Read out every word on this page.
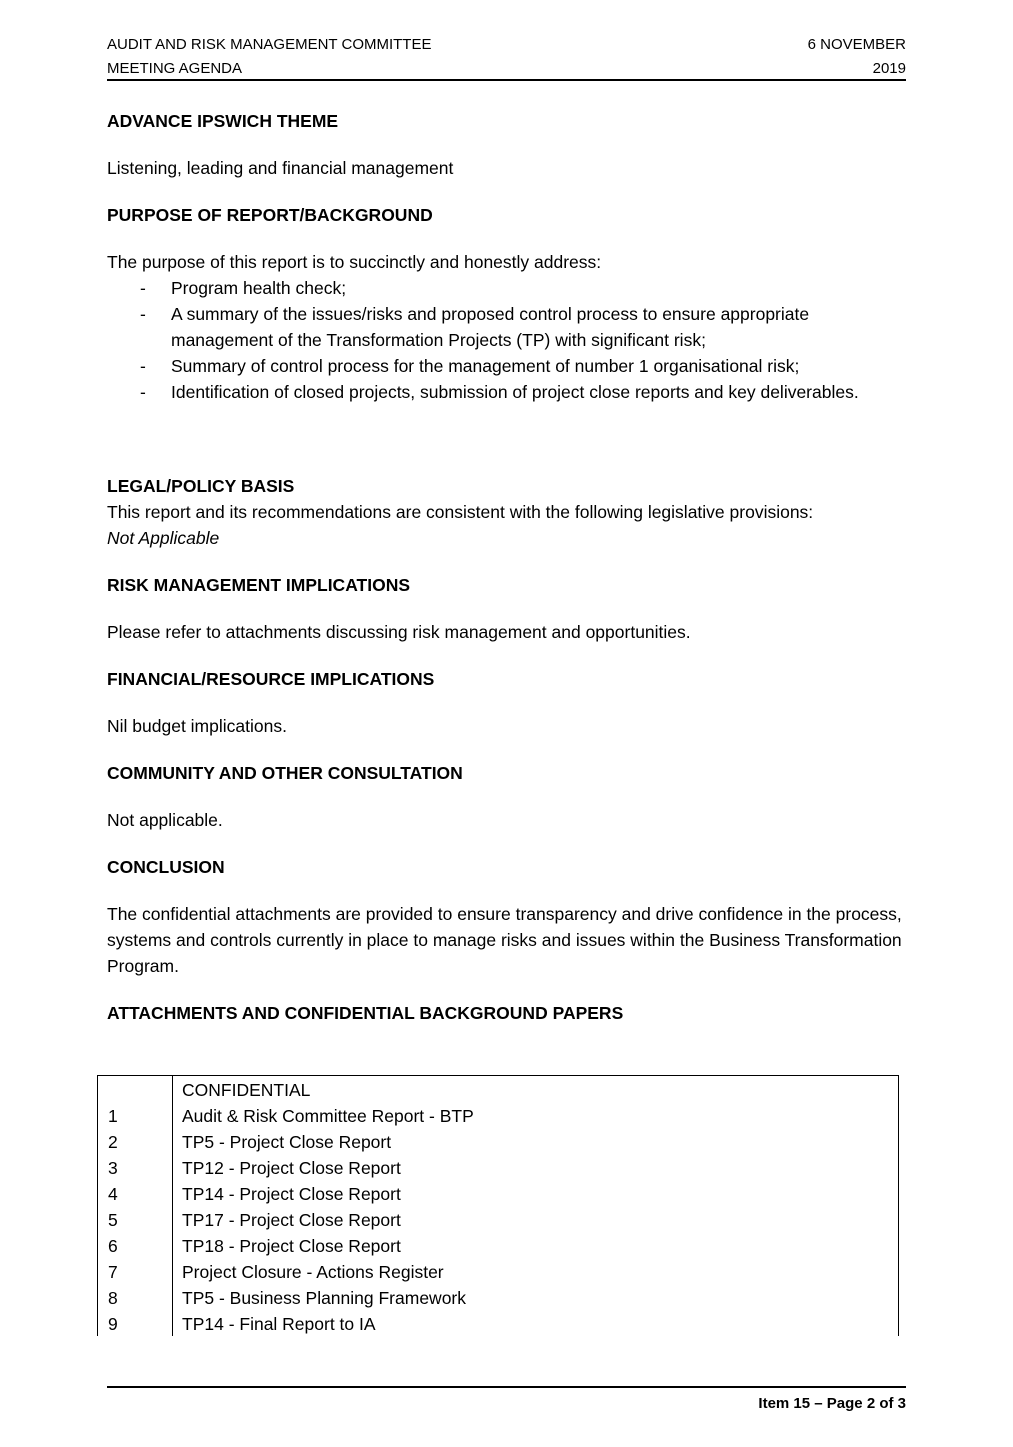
AUDIT AND RISK MANAGEMENT COMMITTEE
MEETING AGENDA
6 NOVEMBER
2019

ADVANCE IPSWICH THEME

Listening, leading and financial management

PURPOSE OF REPORT/BACKGROUND

The purpose of this report is to succinctly and honestly address:

- Program health check;
- A summary of the issues/risks and proposed control process to ensure appropriate management of the Transformation Projects (TP) with significant risk;
- Summary of control process for the management of number 1 organisational risk;
- Identification of closed projects, submission of project close reports and key deliverables.

LEGAL/POLICY BASIS

This report and its recommendations are consistent with the following legislative provisions:

Not Applicable

RISK MANAGEMENT IMPLICATIONS

Please refer to attachments discussing risk management and opportunities.

FINANCIAL/RESOURCE IMPLICATIONS

Nil budget implications.

COMMUNITY AND OTHER CONSULTATION

Not applicable.

CONCLUSION

The confidential attachments are provided to ensure transparency and drive confidence in the process, systems and controls currently in place to manage risks and issues within the Business Transformation Program.

ATTACHMENTS AND CONFIDENTIAL BACKGROUND PAPERS

CONFIDENTIAL
1	Audit & Risk Committee Report - BTP
2	TP5 - Project Close Report
3	TP12 - Project Close Report
4	TP14 - Project Close Report
5	TP17 - Project Close Report
6	TP18 - Project Close Report
7	Project Closure - Actions Register
8	TP5 - Business Planning Framework
9	TP14 - Final Report to IA
Item 15 – Page 2 of 3
